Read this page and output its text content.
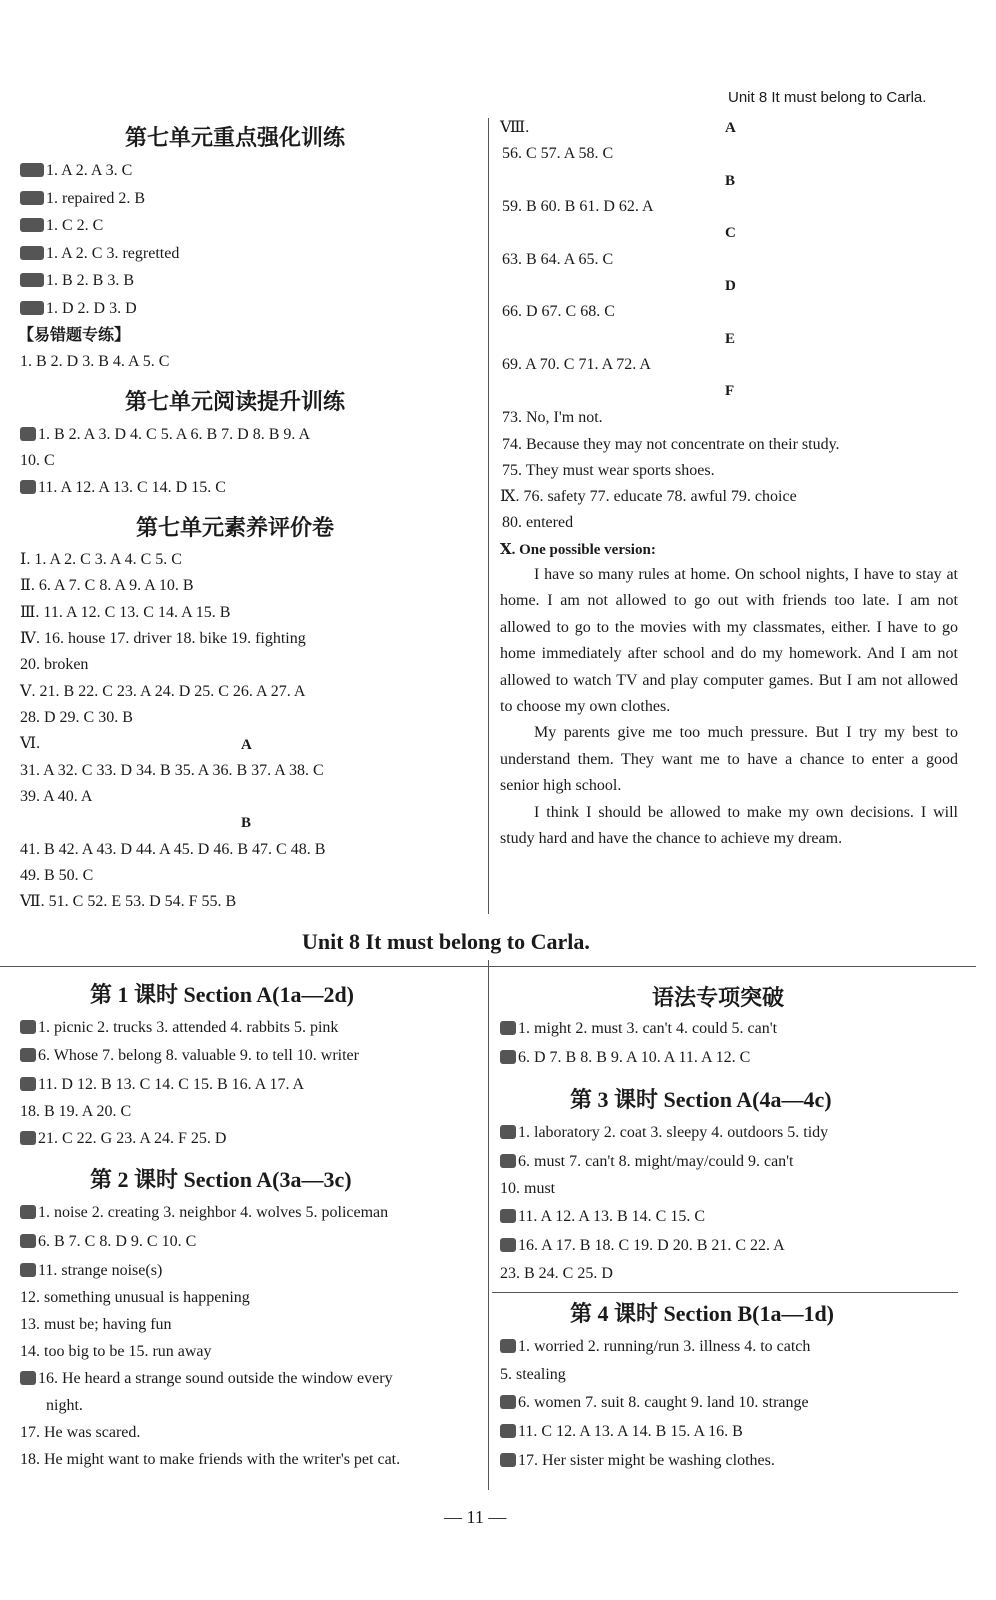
Unit 8 It must belong to Carla.
第七单元重点强化训练
1. A 2. A 3. C
1. repaired 2. B
1. C 2. C
1. A 2. C 3. regretted
1. B 2. B 3. B
1. D 2. D 3. D
【易错题专练】
1. B 2. D 3. B 4. A 5. C
第七单元阅读提升训练
1. B 2. A 3. D 4. C 5. A 6. B 7. D 8. B 9. A
10. C
11. A 12. A 13. C 14. D 15. C
第七单元素养评价卷
Ⅰ. 1. A 2. C 3. A 4. C 5. C
Ⅱ. 6. A 7. C 8. A 9. A 10. B
Ⅲ. 11. A 12. C 13. C 14. A 15. B
Ⅳ. 16. house 17. driver 18. bike 19. fighting
20. broken
Ⅴ. 21. B 22. C 23. A 24. D 25. C 26. A 27. A
28. D 29. C 30. B
Ⅵ.	A
31. A 32. C 33. D 34. B 35. A 36. B 37. A 38. C
39. A 40. A
B
41. B 42. A 43. D 44. A 45. D 46. B 47. C 48. B
49. B 50. C
Ⅶ. 51. C 52. E 53. D 54. F 55. B
Ⅷ.	A
56. C 57. A 58. C
B
59. B 60. B 61. D 62. A
C
63. B 64. A 65. C
D
66. D 67. C 68. C
E
69. A 70. C 71. A 72. A
F
73. No, I'm not.
74. Because they may not concentrate on their study.
75. They must wear sports shoes.
Ⅸ. 76. safety 77. educate 78. awful 79. choice
80. entered
Ⅹ. One possible version:
I have so many rules at home. On school nights, I have to stay at home. I am not allowed to go out with friends too late. I am not allowed to go to the movies with my classmates, either. I have to go home immediately after school and do my homework. And I am not allowed to watch TV and play computer games. But I am not allowed to choose my own clothes.
My parents give me too much pressure. But I try my best to understand them. They want me to have a chance to enter a good senior high school.
I think I should be allowed to make my own decisions. I will study hard and have the chance to achieve my dream.
Unit 8 It must belong to Carla.
第 1 课时 Section A(1a—2d)
1. picnic 2. trucks 3. attended 4. rabbits 5. pink
6. Whose 7. belong 8. valuable 9. to tell 10. writer
11. D 12. B 13. C 14. C 15. B 16. A 17. A
18. B 19. A 20. C
21. C 22. G 23. A 24. F 25. D
第 2 课时 Section A(3a—3c)
1. noise 2. creating 3. neighbor 4. wolves 5. policeman
6. B 7. C 8. D 9. C 10. C
11. strange noise(s)
12. something unusual is happening
13. must be; having fun
14. too big to be 15. run away
16. He heard a strange sound outside the window every
night.
17. He was scared.
18. He might want to make friends with the writer's pet cat.
语法专项突破
1. might 2. must 3. can't 4. could 5. can't
6. D 7. B 8. B 9. A 10. A 11. A 12. C
第 3 课时 Section A(4a—4c)
1. laboratory 2. coat 3. sleepy 4. outdoors 5. tidy
6. must 7. can't 8. might/may/could 9. can't
10. must
11. A 12. A 13. B 14. C 15. C
16. A 17. B 18. C 19. D 20. B 21. C 22. A
23. B 24. C 25. D
第 4 课时 Section B(1a—1d)
1. worried 2. running/run 3. illness 4. to catch
5. stealing
6. women 7. suit 8. caught 9. land 10. strange
11. C 12. A 13. A 14. B 15. A 16. B
17. Her sister might be washing clothes.
— 11 —
